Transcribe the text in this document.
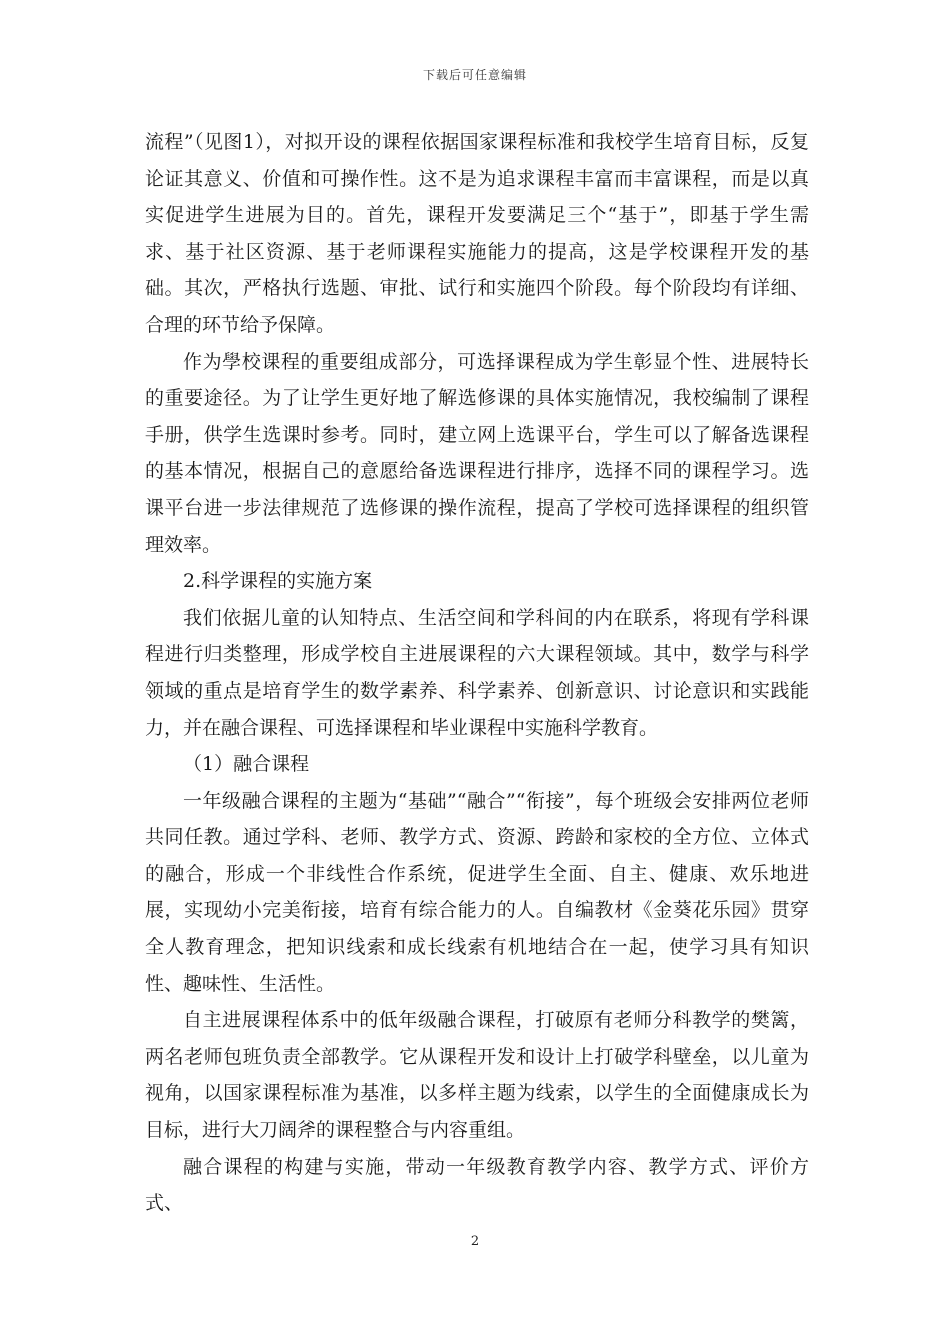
下载后可任意编辑

流程”（见图1），对拟开设的课程依据国家课程标准和我校学生培育目标，反复论证其意义、价值和可操作性。这不是为追求课程丰富而丰富课程，而是以真实促进学生进展为目的。首先，课程开发要满足三个“基于”，即基于学生需求、基于社区资源、基于老师课程实施能力的提高，这是学校课程开发的基础。其次，严格执行选题、审批、试行和实施四个阶段。每个阶段均有详细、合理的环节给予保障。

作为學校课程的重要组成部分，可选择课程成为学生彰显个性、进展特长的重要途径。为了让学生更好地了解选修课的具体实施情况，我校编制了课程手册，供学生选课时参考。同时，建立网上选课平台，学生可以了解备选课程的基本情况，根据自己的意愿给备选课程进行排序，选择不同的课程学习。选课平台进一步法律规范了选修课的操作流程，提高了学校可选择课程的组织管理效率。

2.科学课程的实施方案

我们依据儿童的认知特点、生活空间和学科间的内在联系，将现有学科课程进行归类整理，形成学校自主进展课程的六大课程领域。其中，数学与科学领域的重点是培育学生的数学素养、科学素养、创新意识、讨论意识和实践能力，并在融合课程、可选择课程和毕业课程中实施科学教育。

（1）融合课程

一年级融合课程的主题为“基础”“融合”“衔接”，每个班级会安排两位老师共同任教。通过学科、老师、教学方式、资源、跨龄和家校的全方位、立体式的融合，形成一个非线性合作系统，促进学生全面、自主、健康、欢乐地进展，实现幼小完美衔接，培育有综合能力的人。自编教材《金葵花乐园》贯穿全人教育理念，把知识线索和成长线索有机地结合在一起，使学习具有知识性、趣味性、生活性。

自主进展课程体系中的低年级融合课程，打破原有老师分科教学的樊篱，两名老师包班负责全部教学。它从课程开发和设计上打破学科壁垒，以儿童为视角，以国家课程标准为基准，以多样主题为线索，以学生的全面健康成长为目标，进行大刀阔斧的课程整合与内容重组。

融合课程的构建与实施，带动一年级教育教学内容、教学方式、评价方式、

2
